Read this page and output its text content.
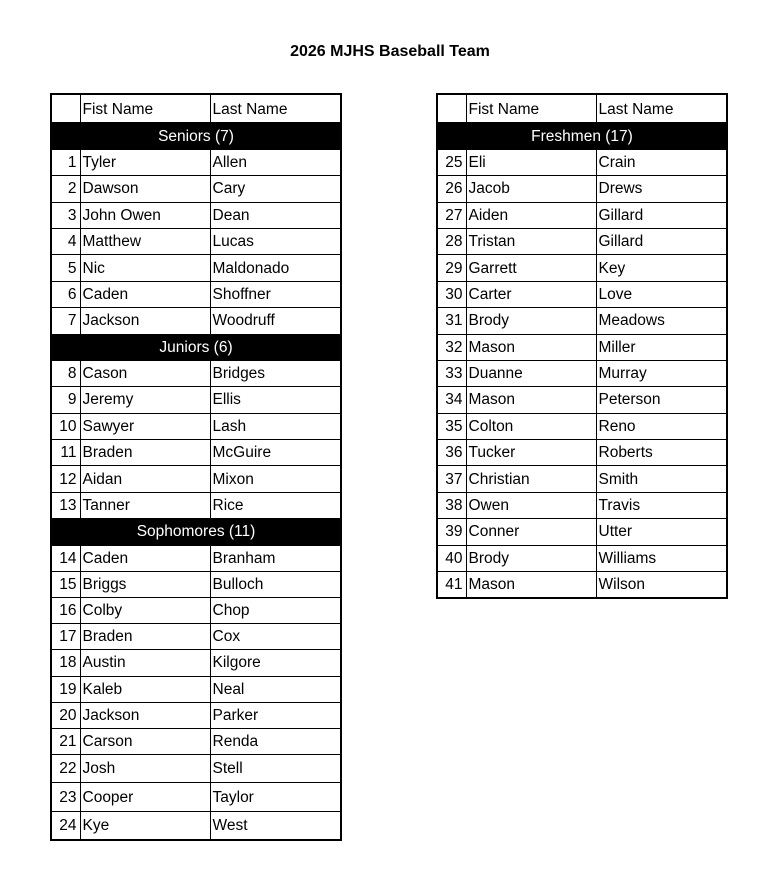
2026 MJHS Baseball Team
	Fist Name	Last Name
Seniors (7)		
1	Tyler	Allen
2	Dawson	Cary
3	John Owen	Dean
4	Matthew	Lucas
5	Nic	Maldonado
6	Caden	Shoffner
7	Jackson	Woodruff
Juniors (6)		
8	Cason	Bridges
9	Jeremy	Ellis
10	Sawyer	Lash
11	Braden	McGuire
12	Aidan	Mixon
13	Tanner	Rice
Sophomores (11)		
14	Caden	Branham
15	Briggs	Bulloch
16	Colby	Chop
17	Braden	Cox
18	Austin	Kilgore
19	Kaleb	Neal
20	Jackson	Parker
21	Carson	Renda
22	Josh	Stell
23	Cooper	Taylor
24	Kye	West
	Fist Name	Last Name
Freshmen (17)		
25	Eli	Crain
26	Jacob	Drews
27	Aiden	Gillard
28	Tristan	Gillard
29	Garrett	Key
30	Carter	Love
31	Brody	Meadows
32	Mason	Miller
33	Duanne	Murray
34	Mason	Peterson
35	Colton	Reno
36	Tucker	Roberts
37	Christian	Smith
38	Owen	Travis
39	Conner	Utter
40	Brody	Williams
41	Mason	Wilson
